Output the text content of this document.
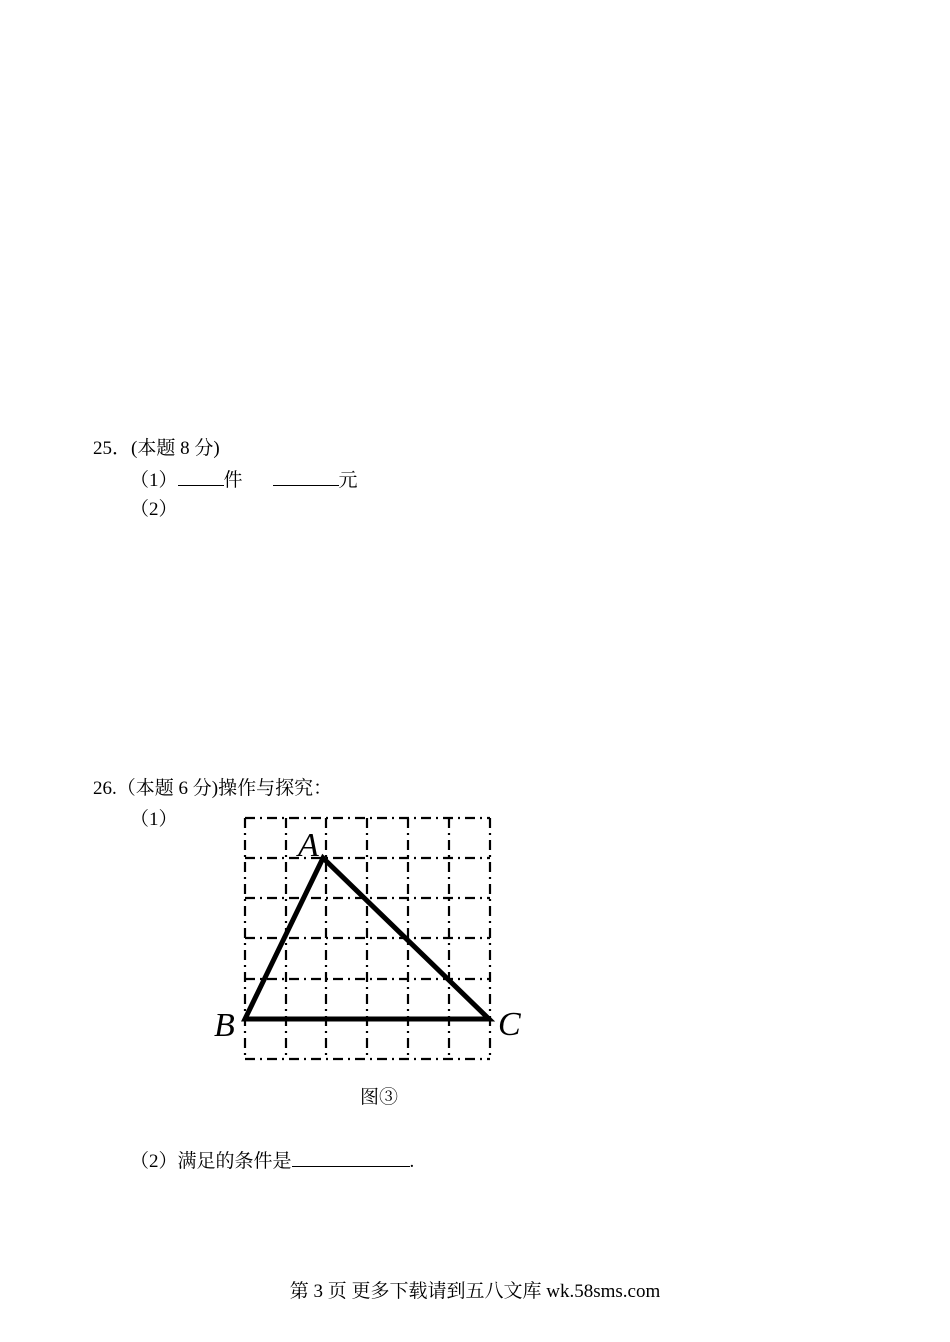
25．(本题 8 分)
（1） 件	元
（2）
26.（本题 6 分)操作与探究：
（1）
A
B	C
图③
（2）满足的条件是	.
第 3 页 更多下载请到五八文库 wk.58sms.com
